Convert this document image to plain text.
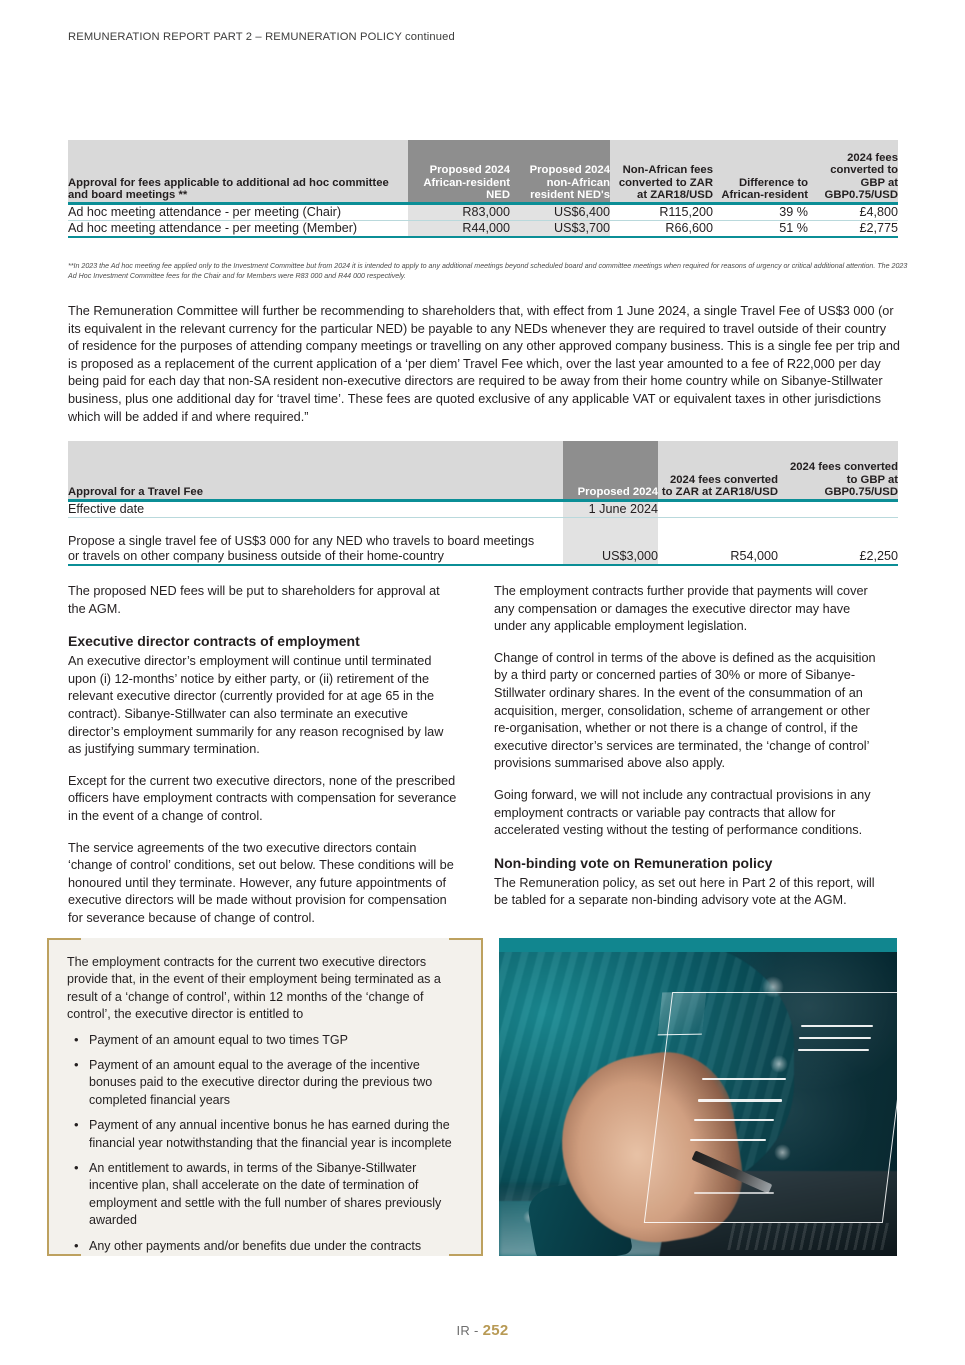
REMUNERATION REPORT PART 2 – REMUNERATION POLICY continued
Approval for fees applicable to additional ad hoc committee and board meetings **	Proposed 2024 African-resident NED	Proposed 2024 non-African resident NED's	Non-African fees converted to ZAR at ZAR18/USD	Difference to African-resident	2024 fees converted to GBP at GBP0.75/USD

Ad hoc meeting attendance - per meeting (Chair)	R83,000	US$6,400	R115,200	39 %	£4,800

Ad hoc meeting attendance - per meeting (Member)	R44,000	US$3,700	R66,600	51 %	£2,775

**In 2023 the Ad hoc meeting fee applied only to the Investment Committee but from 2024 it is intended to apply to any additional meetings beyond scheduled board and committee meetings when required for reasons of urgency or critical additional attention. The 2023 Ad Hoc Investment Committee fees for the Chair and for Members were R83 000 and R44 000 respectively.
The Remuneration Committee will further be recommending to shareholders that, with effect from 1 June 2024, a single Travel Fee of US$3 000 (or its equivalent in the relevant currency for the particular NED) be payable to any NEDs whenever they are required to travel outside of their country of residence for the purposes of attending company meetings or travelling on any other approved company business. This is a single fee per trip and is proposed as a replacement of the current application of a ‘per diem’ Travel Fee which, over the last year amounted to a fee of R22,000 per day being paid for each day that non-SA resident non-executive directors are required to be away from their home country while on Sibanye-Stillwater business, plus one additional day for ‘travel time’. These fees are quoted exclusive of any applicable VAT or equivalent taxes in other jurisdictions which will be added if and where required.”
Approval for a Travel Fee	Proposed 2024	2024 fees converted to ZAR at ZAR18/USD	2024 fees converted to GBP at GBP0.75/USD

Effective date	1 June 2024		

Propose a single travel fee of US$3 000 for any NED who travels to board meetings or travels on other company business outside of their home-country	US$3,000	R54,000	£2,250

The proposed NED fees will be put to shareholders for approval at the AGM.

Executive director contracts of employment

An executive director’s employment will continue until terminated upon (i) 12-months’ notice by either party, or (ii) retirement of the relevant executive director (currently provided for at age 65 in the contract). Sibanye-Stillwater can also terminate an executive director’s employment summarily for any reason recognised by law as justifying summary termination.

Except for the current two executive directors, none of the prescribed officers have employment contracts with compensation for severance in the event of a change of control.

The service agreements of the two executive directors contain ‘change of control’ conditions, set out below. These conditions will be honoured until they terminate. However, any future appointments of executive directors will be made without provision for compensation for severance because of change of control.

The employment contracts further provide that payments will cover any compensation or damages the executive director may have under any applicable employment legislation.

Change of control in terms of the above is defined as the acquisition by a third party or concerned parties of 30% or more of Sibanye-Stillwater ordinary shares. In the event of the consummation of an acquisition, merger, consolidation, scheme of arrangement or other re-organisation, whether or not there is a change of control, if the executive director’s services are terminated, the ‘change of control’ provisions summarised above also apply.

Going forward, we will not include any contractual provisions in any employment contracts or variable pay contracts that allow for accelerated vesting without the testing of performance conditions.

Non-binding vote on Remuneration policy

The Remuneration policy, as set out here in Part 2 of this report, will be tabled for a separate non-binding advisory vote at the AGM.

The employment contracts for the current two executive directors provide that, in the event of their employment being terminated as a result of a ‘change of control’, within 12 months of the ‘change of control’, the executive director is entitled to

• Payment of an amount equal to two times TGP
• Payment of an amount equal to the average of the incentive bonuses paid to the executive director during the previous two completed financial years
• Payment of any annual incentive bonus he has earned during the financial year notwithstanding that the financial year is incomplete
• An entitlement to awards, in terms of the Sibanye-Stillwater incentive plan, shall accelerate on the date of termination of employment and settle with the full number of shares previously awarded
• Any other payments and/or benefits due under the contracts
IR - 252
